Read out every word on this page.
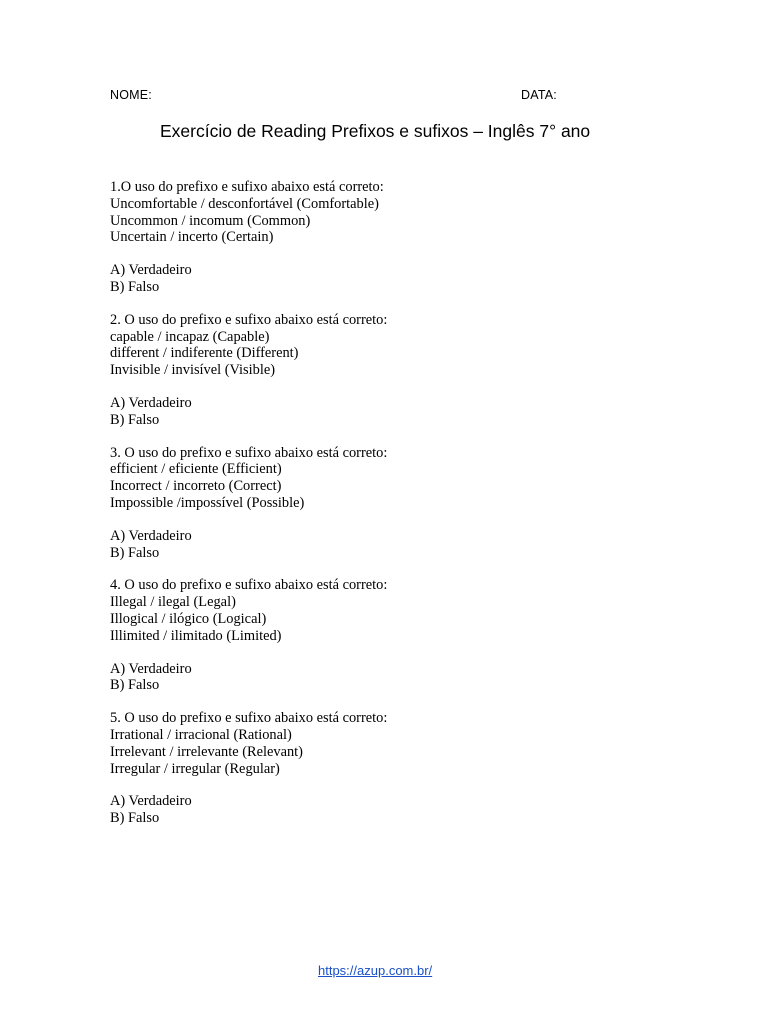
NOME:	DATA:
Exercício de Reading Prefixos e sufixos – Inglês 7° ano
1.O uso do prefixo e sufixo abaixo está correto:
Uncomfortable / desconfortável (Comfortable)
Uncommon / incomum (Common)
Uncertain / incerto (Certain)
A) Verdadeiro
B) Falso
2. O uso do prefixo e sufixo abaixo está correto:
capable / incapaz (Capable)
different / indiferente (Different)
Invisible / invisível (Visible)
A) Verdadeiro
B) Falso
3. O uso do prefixo e sufixo abaixo está correto:
efficient / eficiente (Efficient)
Incorrect / incorreto (Correct)
Impossible /impossível (Possible)
A) Verdadeiro
B) Falso
4. O uso do prefixo e sufixo abaixo está correto:
Illegal / ilegal (Legal)
Illogical / ilógico (Logical)
Illimited / ilimitado (Limited)
A) Verdadeiro
B) Falso
5. O uso do prefixo e sufixo abaixo está correto:
Irrational / irracional (Rational)
Irrelevant / irrelevante (Relevant)
Irregular / irregular (Regular)
A) Verdadeiro
B) Falso
https://azup.com.br/
